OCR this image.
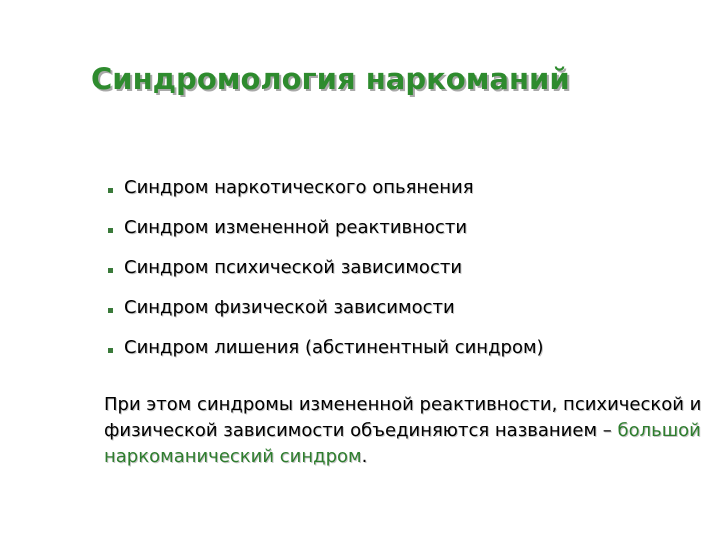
Синдромология наркоманий
Синдром наркотического опьянения
Синдром измененной реактивности
Синдром психической зависимости
Синдром физической зависимости
Синдром лишения (абстинентный синдром)
При этом синдромы измененной реактивности, психической и физической зависимости объединяются названием – большой наркоманический синдром.
